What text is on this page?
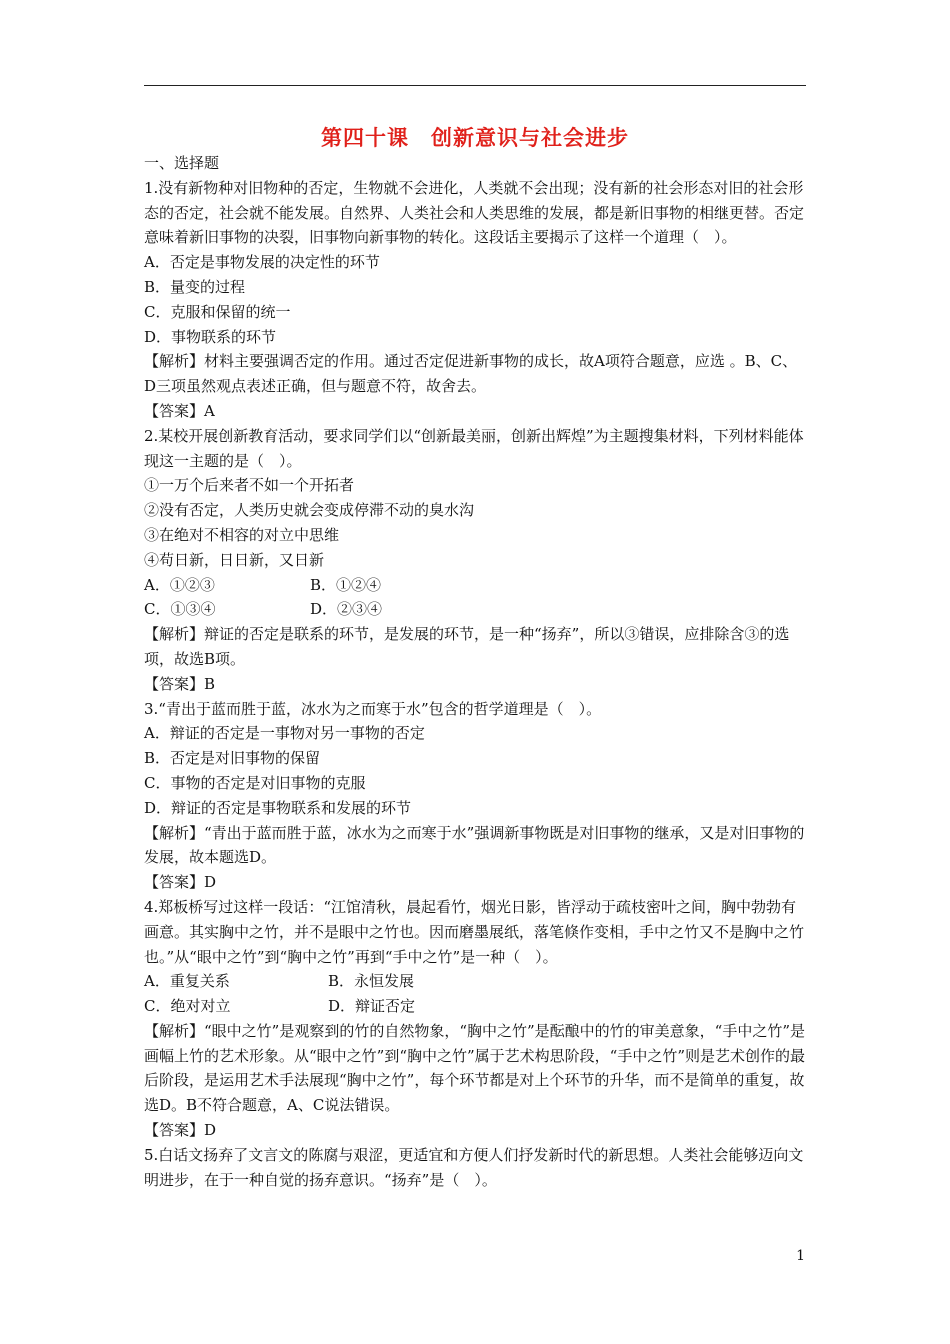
第四十课　创新意识与社会进步

一、选择题

1.没有新物种对旧物种的否定，生物就不会进化，人类就不会出现；没有新的社会形态对旧的社会形态的否定，社会就不能发展。自然界、人类社会和人类思维的发展，都是新旧事物的相继更替。否定意味着新旧事物的决裂，旧事物向新事物的转化。这段话主要揭示了这样一个道理（　）。

A．否定是事物发展的决定性的环节

B．量变的过程

C．克服和保留的统一

D．事物联系的环节

【解析】材料主要强调否定的作用。通过否定促进新事物的成长，故A项符合题意，应选 。B、C、D三项虽然观点表述正确，但与题意不符，故舍去。

【答案】A

2.某校开展创新教育活动，要求同学们以“创新最美丽，创新出辉煌”为主题搜集材料，下列材料能体现这一主题的是（　）。

①一万个后来者不如一个开拓者

②没有否定，人类历史就会变成停滞不动的臭水沟

③在绝对不相容的对立中思维

④苟日新，日日新，又日新

A．①②③	B．①②④
C．①③④	D．②③④

【解析】辩证的否定是联系的环节，是发展的环节，是一种“扬弃”，所以③错误，应排除含③的选项，故选B项。

【答案】B

3.“青出于蓝而胜于蓝，冰水为之而寒于水”包含的哲学道理是（　）。

A．辩证的否定是一事物对另一事物的否定

B．否定是对旧事物的保留

C．事物的否定是对旧事物的克服

D．辩证的否定是事物联系和发展的环节

【解析】“青出于蓝而胜于蓝，冰水为之而寒于水”强调新事物既是对旧事物的继承，又是对旧事物的发展，故本题选D。

【答案】D

4.郑板桥写过这样一段话：“江馆清秋，晨起看竹，烟光日影，皆浮动于疏枝密叶之间，胸中勃勃有画意。其实胸中之竹，并不是眼中之竹也。因而磨墨展纸，落笔倏作变相，手中之竹又不是胸中之竹也。”从“眼中之竹”到“胸中之竹”再到“手中之竹”是一种（　）。

A．重复关系	B．永恒发展
C．绝对对立	D．辩证否定

【解析】“眼中之竹”是观察到的竹的自然物象，“胸中之竹”是酝酿中的竹的审美意象，“手中之竹”是画幅上竹的艺术形象。从“眼中之竹”到“胸中之竹”属于艺术构思阶段，“手中之竹”则是艺术创作的最后阶段，是运用艺术手法展现“胸中之竹”，每个环节都是对上个环节的升华，而不是简单的重复，故选D。B不符合题意，A、C说法错误。

【答案】D

5.白话文扬弃了文言文的陈腐与艰涩，更适宜和方便人们抒发新时代的新思想。人类社会能够迈向文明进步，在于一种自觉的扬弃意识。“扬弃”是（　）。

1
